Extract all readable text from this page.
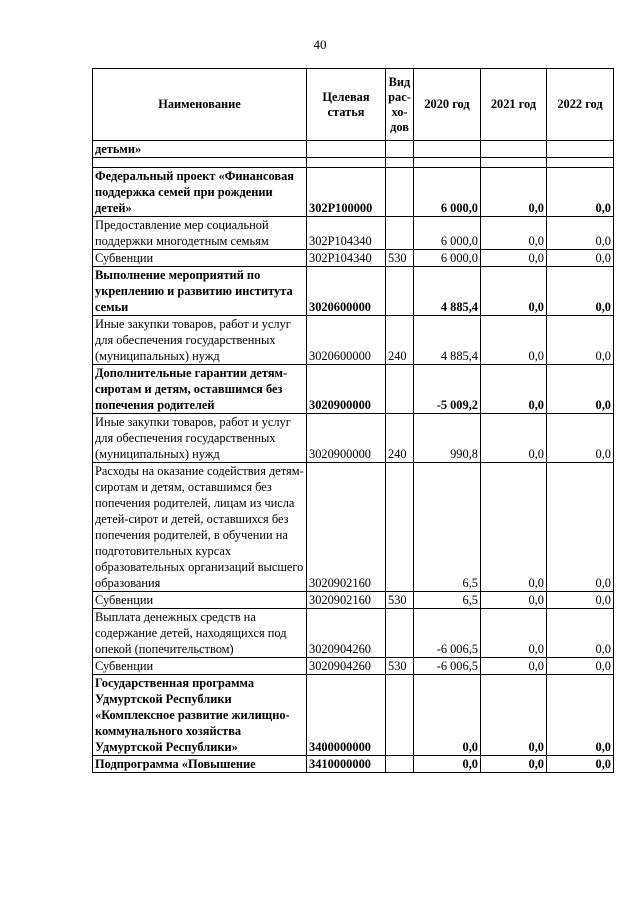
40
Наименование	Целевая статья	Вид рас- хо- дов	2020 год	2021 год	2022 год
детьми»					

Федеральный проект «Финансовая поддержка семей при рождении детей»	302P100000		6 000,0	0,0	0,0
Предоставление мер социальной поддержки многодетным семьям	302P104340		6 000,0	0,0	0,0
Субвенции	302P104340	530	6 000,0	0,0	0,0
Выполнение мероприятий по укреплению и развитию института семьи	3020600000		4 885,4	0,0	0,0
Иные закупки товаров, работ и услуг для обеспечения государственных (муниципальных) нужд	3020600000	240	4 885,4	0,0	0,0
Дополнительные гарантии детям-сиротам и детям, оставшимся без попечения родителей	3020900000		-5 009,2	0,0	0,0
Иные закупки товаров, работ и услуг для обеспечения государственных (муниципальных) нужд	3020900000	240	990,8	0,0	0,0
Расходы на оказание содействия детям-сиротам и детям, оставшимся без попечения родителей, лицам из числа детей-сирот и детей, оставшихся без попечения родителей, в обучении на подготовительных курсах образовательных организаций высшего образования	3020902160		6,5	0,0	0,0
Субвенции	3020902160	530	6,5	0,0	0,0
Выплата денежных средств на содержание детей, находящихся под опекой (попечительством)	3020904260		-6 006,5	0,0	0,0
Субвенции	3020904260	530	-6 006,5	0,0	0,0
Государственная программа Удмуртской Республики «Комплексное развитие жилищно-коммунального хозяйства Удмуртской Республики»	3400000000		0,0	0,0	0,0
Подпрограмма «Повышение	3410000000		0,0	0,0	0,0
